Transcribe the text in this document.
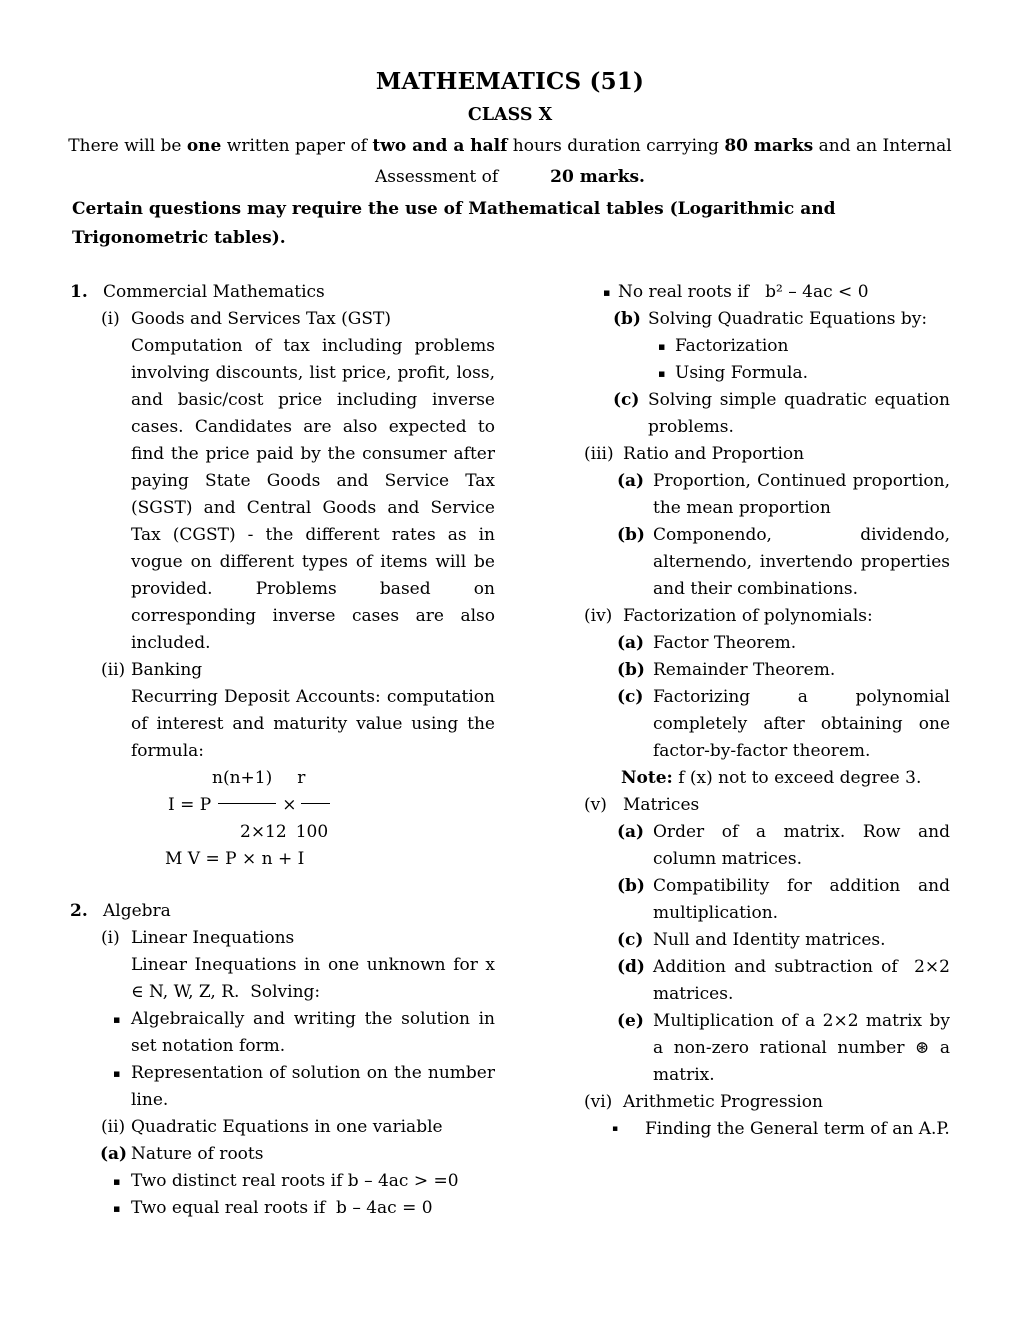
MATHEMATICS (51)
CLASS X

There will be one written paper of two and a half hours duration carrying 80 marks and an Internal

Assessment of	20 marks.

Certain questions may require the use of Mathematical tables (Logarithmic and Trigonometric tables).

1. Commercial Mathematics
(i) Goods and Services Tax (GST)

Computation of tax including problems involving discounts, list price, profit, loss, and basic/cost price including inverse cases. Candidates are also expected to find the price paid by the consumer after paying State Goods and Service Tax (SGST) and Central Goods and Service Tax (CGST) - the different rates as in vogue on different types of items will be provided. Problems based on corresponding inverse cases are also included.

(ii) Banking

Recurring Deposit Accounts: computation of interest and maturity value using the formula:

n(n+1) r
I = P	×
2×12 100
M V = P × n + I
2. Algebra
(i) Linear Inequations

Linear Inequations in one unknown for x ∈ N, W, Z, R.  Solving:

▪ Algebraically and writing the solution in set notation form.
▪ Representation of solution on the number line.
(ii) Quadratic Equations in one variable
(a) Nature of roots
▪ Two distinct real roots if b – 4ac > =0
▪ Two equal real roots if  b – 4ac = 0
▪ No real roots if   b² – 4ac < 0
(b) Solving Quadratic Equations by:
▪ Factorization
▪ Using Formula.
(c) Solving simple quadratic equation problems.
(iii) Ratio and Proportion
(a) Proportion, Continued proportion, the mean proportion
(b) Componendo, dividendo, alternendo, invertendo properties and their combinations.
(iv) Factorization of polynomials:
(a) Factor Theorem.
(b) Remainder Theorem.
(c) Factorizing a polynomial completely after obtaining one factor-by-factor theorem.
Note: f (x) not to exceed degree 3.
(v) Matrices
(a) Order of a matrix. Row and column matrices.
(b) Compatibility for addition and multiplication.
(c) Null and Identity matrices.
(d) Addition and subtraction of  2×2 matrices.
(e) Multiplication of a 2×2 matrix by a non-zero rational number ⊛ a matrix.
(vi) Arithmetic Progression
▪ Finding the General term of an A.P.
